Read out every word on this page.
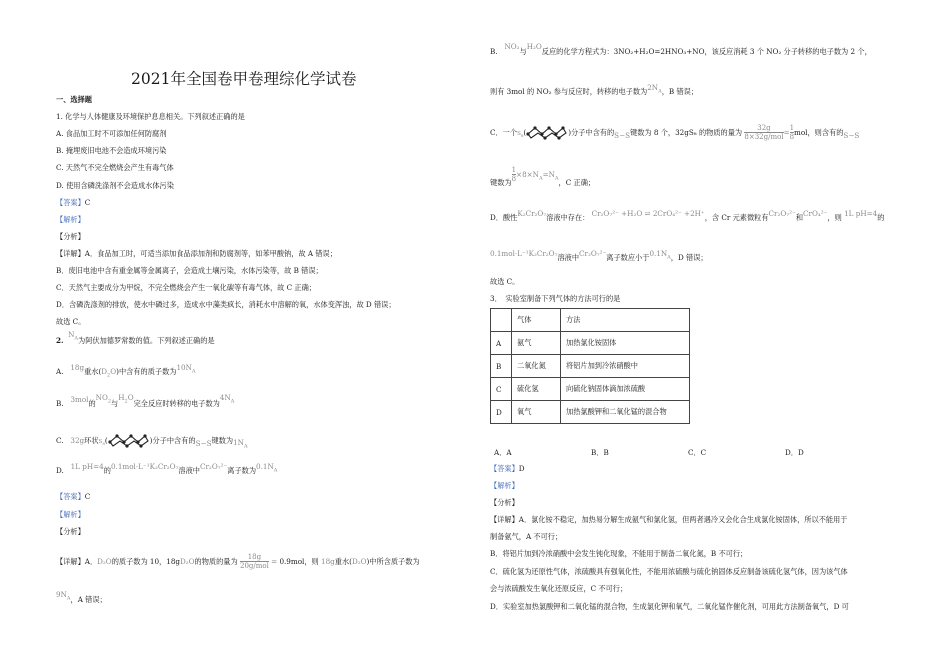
2021年全国卷甲卷理综化学试卷
一、选择题
1. 化学与人体健康及环境保护息息相关。下列叙述正确的是
A. 食品加工时不可添加任何防腐剂
B. 掩埋废旧电池不会造成环境污染
C. 天然气不完全燃烧会产生有毒气体
D. 使用含磷洗涤剂不会造成水体污染
【答案】C
【解析】
【分析】
【详解】A．食品加工时，可适当添加食品添加剂和防腐剂等，如苯甲酸钠，故 A 错误；
B．废旧电池中含有重金属等金属离子，会造成土壤污染，水体污染等，故 B 错误；
C．天然气主要成分为甲烷，不完全燃烧会产生一氧化碳等有毒气体，故 C 正确；
D．含磷洗涤剂的排放，使水中磷过多，造成水中藻类疯长，消耗水中溶解的氧，水体变浑浊，故 D 错误；
故选 C。
2.  $N_A$为阿伏加德罗常数的值。下列叙述正确的是
A. 18g重水$(D_2O)$中含有的质子数为$10N_A$
B. 3mol的$NO_2$与$H_2O$完全反应时转移的电子数为$4N_A$
C. 32g环状$S_8$(	)分子中含有的S−S键数为$1N_A$
D. 1L pH=4的0.1mol·L⁻¹K₂Cr₂O₇溶液中Cr₂O₇²⁻离子数为$0.1N_A$
【答案】C
【解析】
【分析】
【详解】A．D₂O的质子数为 10，18gD₂O的物质的量为 $\frac{18g}{\text{20g/mol}} = 0.9mol$，则 18g重水(D₂O)中所含质子数为
$9N_A$，A 错误；
B.   NO₂与H₂O反应的化学方程式为：3NO₂+H₂O=2HNO₃+NO，该反应消耗 3 个 NO₂ 分子转移的电子数为 2 个，
则有 3mol 的 NO₂ 参与反应时，转移的电子数为$2N_A$，B 错误；
C．一个$S_8$(	)分子中含有的S−S键数为 8 个，32gS₈ 的物质的量为 $\frac{32g}{\text{8×32g/mol}} = \frac{1}{8}$ mol，则含有的S−S
键数为 $\frac{1}{8} \times 8\times N_A=N_A$，C 正确；
D．酸性K₂Cr₂O₇溶液中存在： Cr₂O₇²⁻ +H₂O ⇌ 2CrO₄²⁻ +2H⁺，含 Cr 元素微粒有Cr₂O₇²⁻和CrO₄²⁻，则 1L pH=4的
0.1mol·L⁻¹K₂Cr₂O₇溶液中Cr₂O₇²⁻离子数应小于$0.1N_A$，D 错误；
故选 C。
3．　实验室制备下列气体的方法可行的是
	气体	方法
A	氨气	加热氯化铵固体
B	二氧化氮	将铝片加到冷浓硝酸中
C	硫化氢	向硫化钠固体滴加浓硫酸
D	氧气	加热氯酸钾和二氧化锰的混合物
A．A	B．B	C．C	D．D
【答案】D
【解析】
【分析】
【详解】A．氯化铵不稳定，加热易分解生成氨气和氯化氢，但两者遇冷又会化合生成氯化铵固体，所以不能用于
制备氨气，A 不可行；
B．将铝片加到冷浓硝酸中会发生钝化现象，不能用于制备二氧化氮，B 不可行；
C．硫化氢为还原性气体，浓硫酸具有强氧化性，不能用浓硫酸与硫化钠固体反应制备该硫化氢气体，因为该气体
会与浓硫酸发生氧化还原反应，C 不可行；
D．实验室加热氯酸钾和二氧化锰的混合物，生成氯化钾和氧气，二氧化锰作催化剂，可用此方法制备氧气，D 可
